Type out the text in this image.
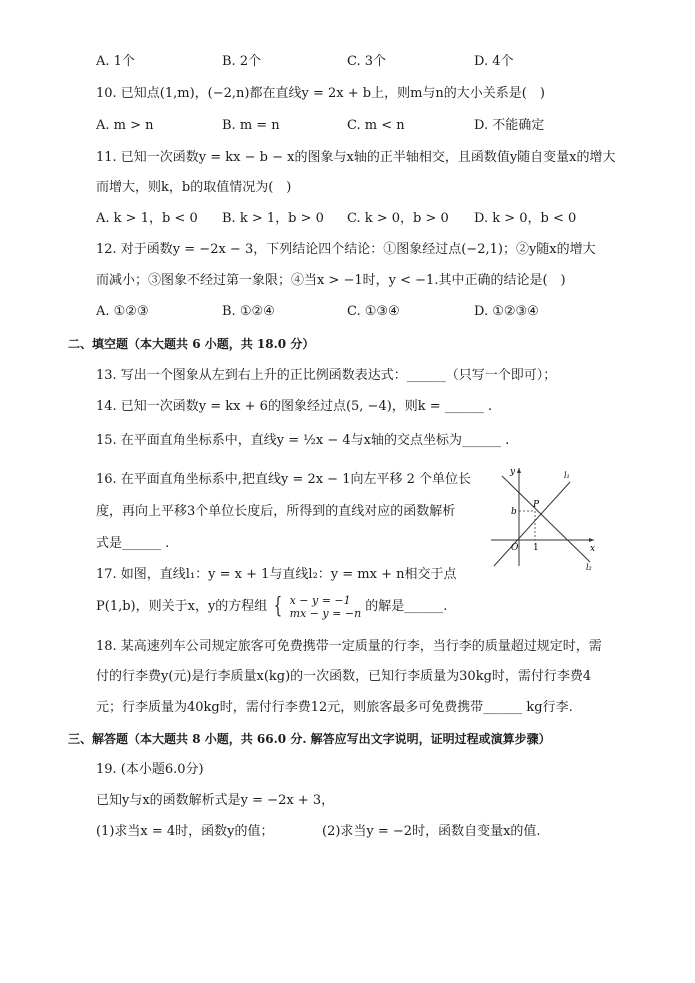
A. 1个	B. 2个	C. 3个	D. 4个
10. 已知点(1,m)，(−2,n)都在直线y = 2x + b上，则m与n的大小关系是(　)
A. m > n	B. m = n	C. m < n	D. 不能确定
11. 已知一次函数y = kx − b − x的图象与x轴的正半轴相交，且函数值y随自变量x的增大
而增大，则k，b的取值情况为(　)
A. k > 1，b < 0 B. k > 1，b > 0 C. k > 0，b > 0 D. k > 0，b < 0
12. 对于函数y = −2x − 3，下列结论四个结论：①图象经过点(−2,1)；②y随x的增大
而减小；③图象不经过第一象限；④当x > −1时，y < −1.其中正确的结论是(　)
A. ①②③	B. ①②④	C. ①③④	D. ①②③④
二、填空题（本大题共 6 小题，共 18.0 分）
13. 写出一个图象从左到右上升的正比例函数表达式：______（只写一个即可）；
14. 已知一次函数y = kx + 6的图象经过点(5, −4)，则k = ______ .
15. 在平面直角坐标系中，直线y = ½x − 4与x轴的交点坐标为______ .
16. 在平面直角坐标系中,把直线y = 2x − 1向左平移 2 个单位长
度，再向上平移3个单位长度后，所得到的直线对应的函数解析
式是______ .
y
x
O
P
b
1
l₁
l₂
17. 如图，直线l₁：y = x + 1与直线l₂：y = mx + n相交于点
P(1,b)，则关于x，y的方程组 { x − y = −1
mx − y = −n 的解是______.
18. 某高速列车公司规定旅客可免费携带一定质量的行李，当行李的质量超过规定时，需
付的行李费y(元)是行李质量x(kg)的一次函数，已知行李质量为30kg时，需付行李费4
元；行李质量为40kg时，需付行李费12元，则旅客最多可免费携带______ kg行李.
三、解答题（本大题共 8 小题，共 66.0 分. 解答应写出文字说明，证明过程或演算步骤）
19. (本小题6.0分)
已知y与x的函数解析式是y = −2x + 3，
(1)求当x = 4时，函数y的值；	(2)求当y = −2时，函数自变量x的值.
